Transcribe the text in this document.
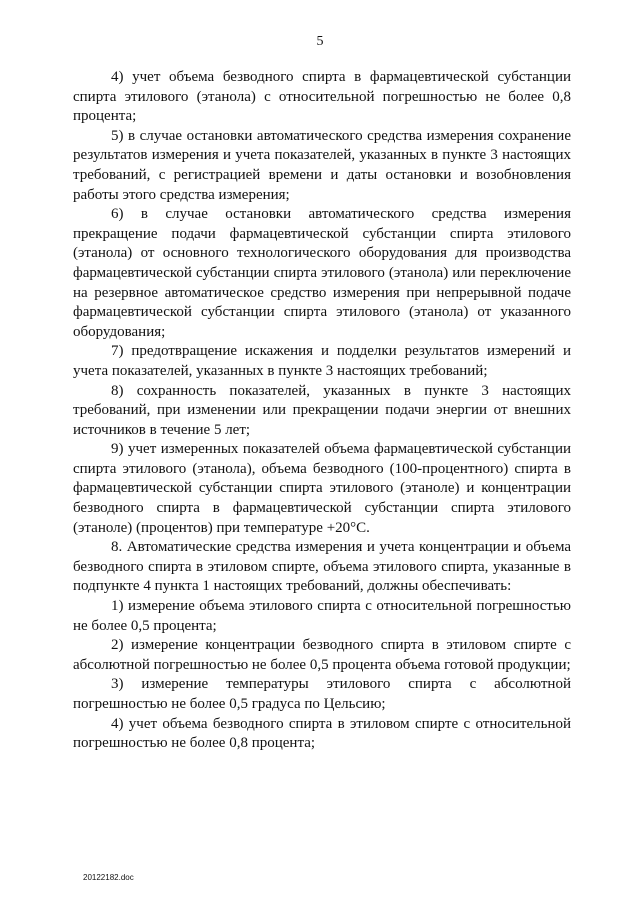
5

4) учет объема безводного спирта в фармацевтической субстанции спирта этилового (этанола) с относительной погрешностью не более 0,8 процента;

5) в случае остановки автоматического средства измерения сохранение результатов измерения и учета показателей, указанных в пункте 3 настоящих требований, с регистрацией времени и даты остановки и возобновления работы этого средства измерения;

6) в случае остановки автоматического средства измерения прекращение подачи фармацевтической субстанции спирта этилового (этанола) от основного технологического оборудования для производства фармацевтической субстанции спирта этилового (этанола) или переключение на резервное автоматическое средство измерения при непрерывной подаче фармацевтической субстанции спирта этилового (этанола) от указанного оборудования;

7) предотвращение искажения и подделки результатов измерений и учета показателей, указанных в пункте 3 настоящих требований;

8) сохранность показателей, указанных в пункте 3 настоящих требований, при изменении или прекращении подачи энергии от внешних источников в течение 5 лет;

9) учет измеренных показателей объема фармацевтической субстанции спирта этилового (этанола), объема безводного (100-процентного) спирта в фармацевтической субстанции спирта этилового (этаноле) и концентрации безводного спирта в фармацевтической субстанции спирта этилового (этаноле) (процентов) при температуре +20°С.

8. Автоматические средства измерения и учета концентрации и объема безводного спирта в этиловом спирте, объема этилового спирта, указанные в подпункте 4 пункта 1 настоящих требований, должны обеспечивать:

1) измерение объема этилового спирта с относительной погрешностью не более 0,5 процента;

2) измерение концентрации безводного спирта в этиловом спирте с абсолютной погрешностью не более 0,5 процента объема готовой продукции;

3) измерение температуры этилового спирта с абсолютной погрешностью не более 0,5 градуса по Цельсию;

4) учет объема безводного спирта в этиловом спирте с относительной погрешностью не более 0,8 процента;

20122182.doc
